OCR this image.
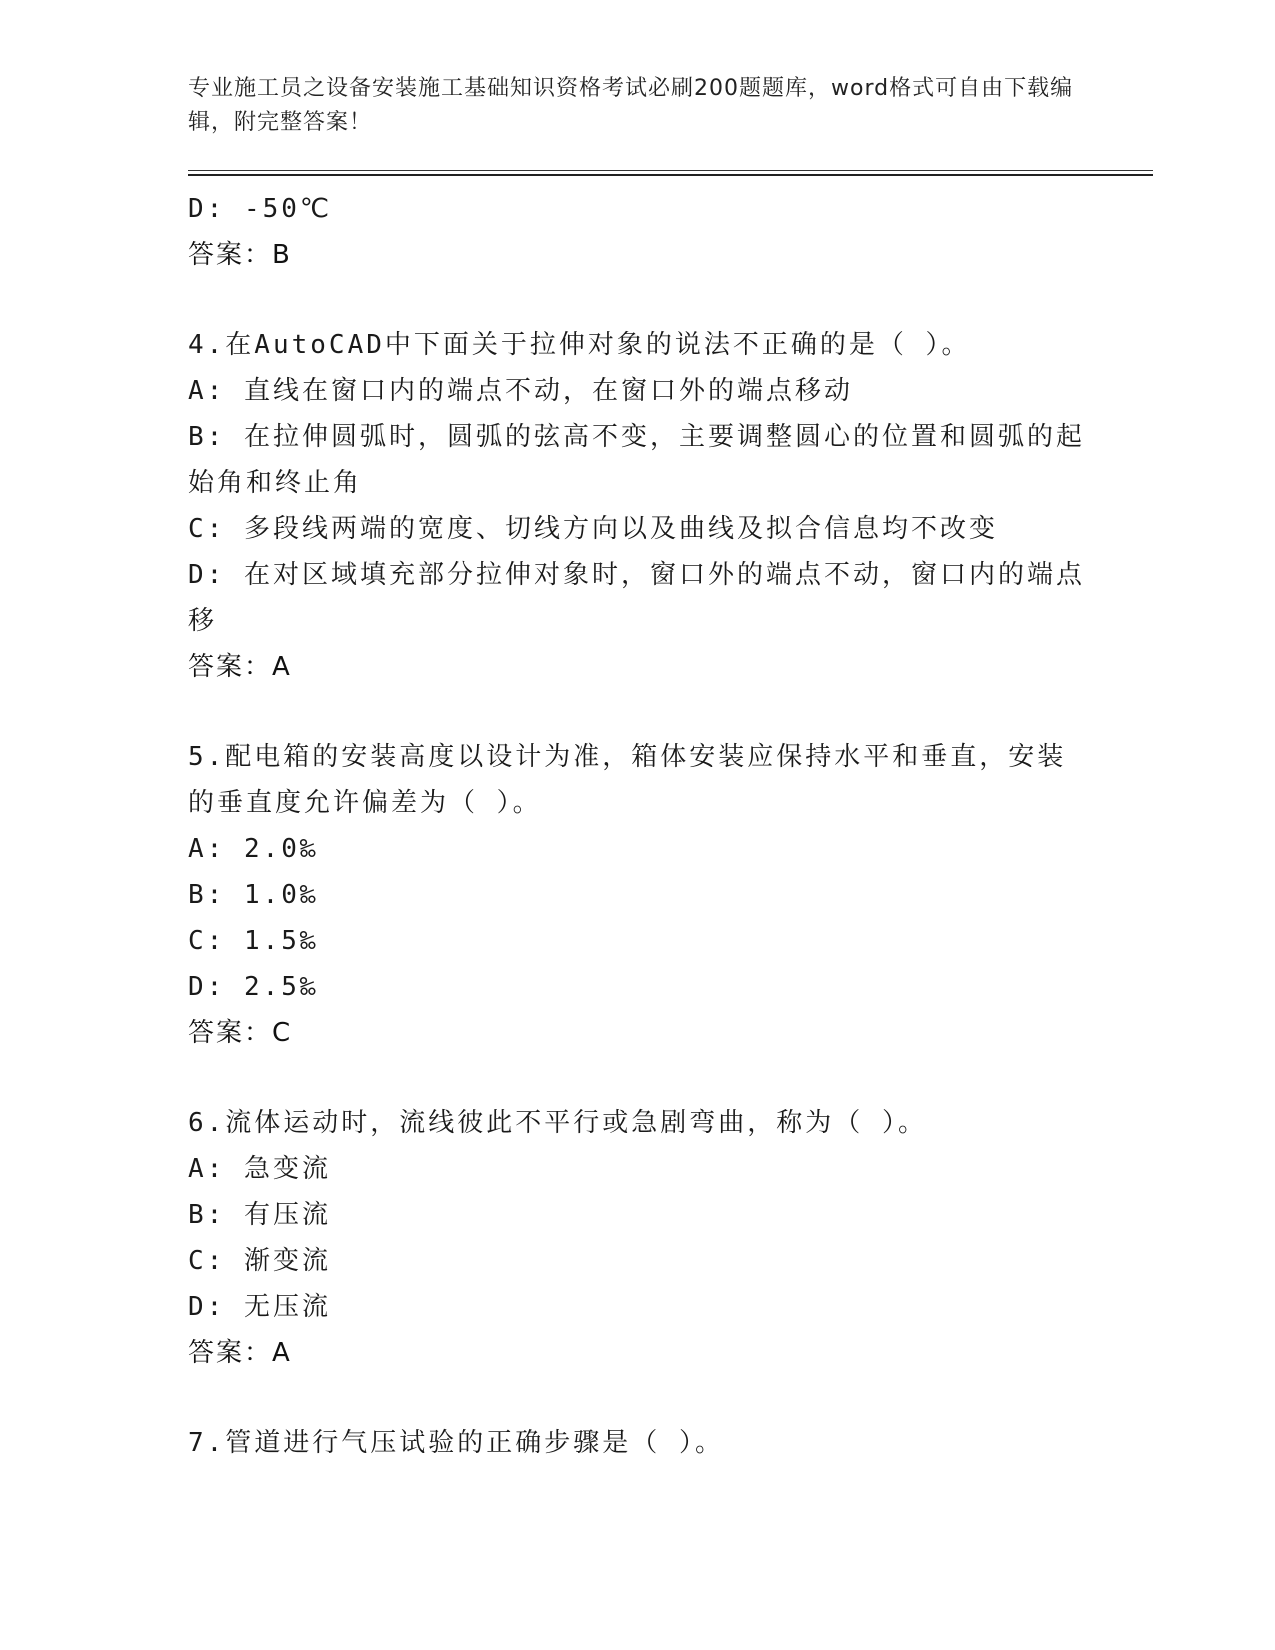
专业施工员之设备安装施工基础知识资格考试必刷200题题库，word格式可自由下载编辑，附完整答案！
D: -50℃
答案：B
4.在AutoCAD中下面关于拉伸对象的说法不正确的是（ ）。
A: 直线在窗口内的端点不动，在窗口外的端点移动
B: 在拉伸圆弧时，圆弧的弦高不变，主要调整圆心的位置和圆弧的起始角和终止角
C: 多段线两端的宽度、切线方向以及曲线及拟合信息均不改变
D: 在对区域填充部分拉伸对象时，窗口外的端点不动，窗口内的端点移
答案：A
5.配电箱的安装高度以设计为准，箱体安装应保持水平和垂直，安装的垂直度允许偏差为（ ）。
A: 2.0‰
B: 1.0‰
C: 1.5‰
D: 2.5‰
答案：C
6.流体运动时，流线彼此不平行或急剧弯曲，称为（ ）。
A: 急变流
B: 有压流
C: 渐变流
D: 无压流
答案：A
7.管道进行气压试验的正确步骤是（ ）。
